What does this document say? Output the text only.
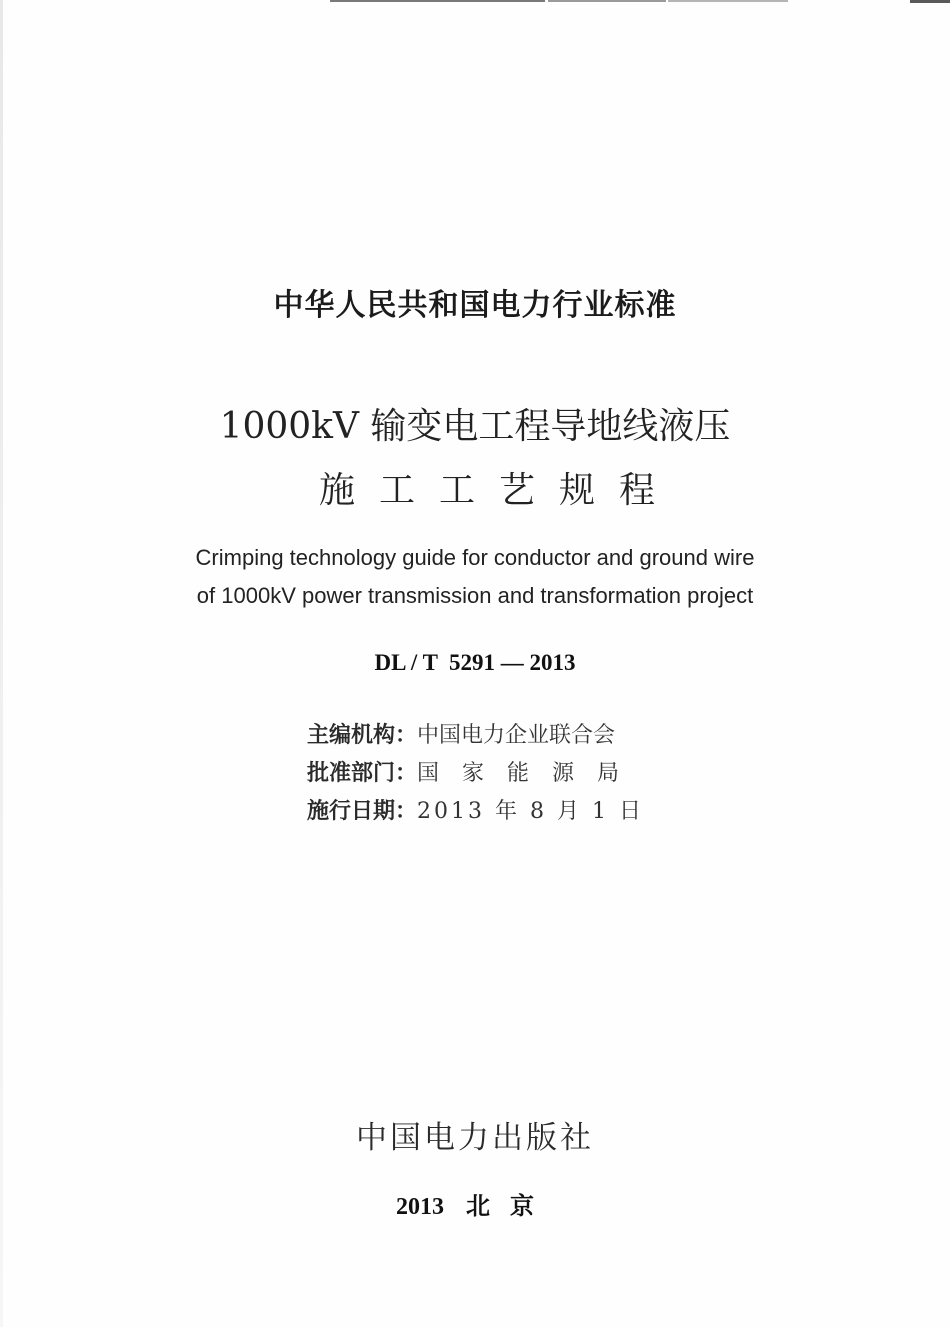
中华人民共和国电力行业标准
1000kV 输变电工程导地线液压
施工工艺规程
Crimping technology guide for conductor and ground wire
of 1000kV power transmission and transformation project
DL / T  5291 — 2013
主编机构：中国电力企业联合会
批准部门：国家能源局
施行日期：2013 年 8 月 1 日
中国电力出版社
2013 北京
